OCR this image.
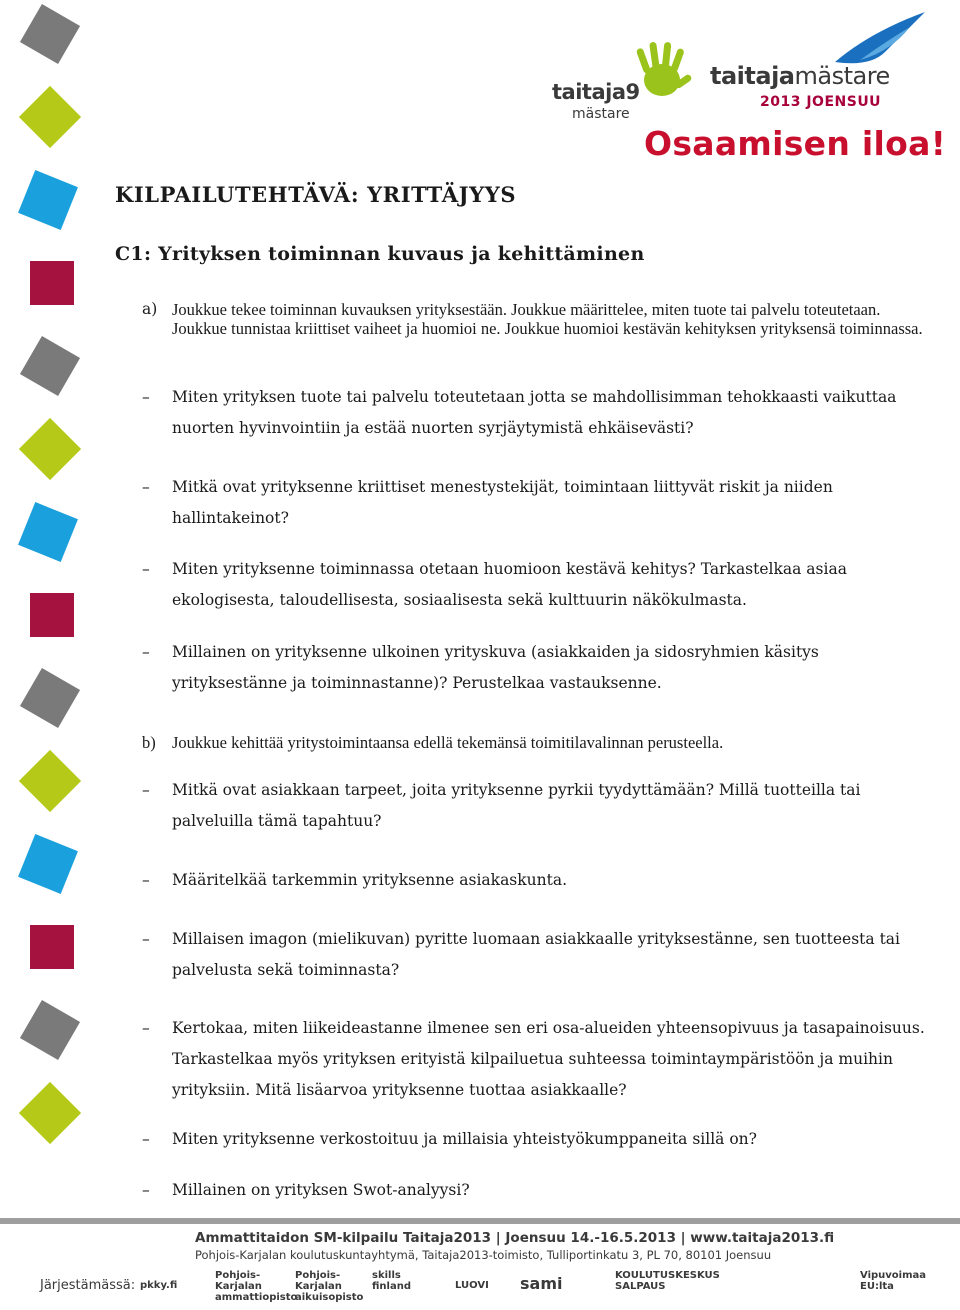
taitaja9
mästare
taitajamästare
2013 JOENSUU
Osaamisen iloa!
KILPAILUTEHTÄVÄ: YRITTÄJYYS
C1: Yrityksen toiminnan kuvaus ja kehittäminen
a) Joukkue tekee toiminnan kuvauksen yrityksestään. Joukkue määrittelee, miten tuote tai palvelu toteutetaan. Joukkue tunnistaa kriittiset vaiheet ja huomioi ne. Joukkue huomioi kestävän kehityksen yrityksensä toiminnassa.
– Miten yrityksen tuote tai palvelu toteutetaan jotta se mahdollisimman tehokkaasti vaikuttaa nuorten hyvinvointiin ja estää nuorten syrjäytymistä ehkäisevästi?
– Mitkä ovat yrityksenne kriittiset menestystekijät, toimintaan liittyvät riskit ja niiden hallintakeinot?
– Miten yrityksenne toiminnassa otetaan huomioon kestävä kehitys? Tarkastelkaa asiaa ekologisesta, taloudellisesta, sosiaalisesta sekä kulttuurin näkökulmasta.
– Millainen on yrityksenne ulkoinen yrityskuva (asiakkaiden ja sidosryhmien käsitys yrityksestänne ja toiminnastanne)? Perustelkaa vastauksenne.
b) Joukkue kehittää yritystoimintaansa edellä tekemänsä toimitilavalinnan perusteella.
– Mitkä ovat asiakkaan tarpeet, joita yrityksenne pyrkii tyydyttämään? Millä tuotteilla tai palveluilla tämä tapahtuu?
– Määritelkää tarkemmin yrityksenne asiakaskunta.
– Millaisen imagon (mielikuvan) pyritte luomaan asiakkaalle yrityksestänne, sen tuotteesta tai palvelusta sekä toiminnasta?
– Kertokaa, miten liikeideastanne ilmenee sen eri osa-alueiden yhteensopivuus ja tasapainoisuus. Tarkastelkaa myös yrityksen erityistä kilpailuetua suhteessa toimintaympäristöön ja muihin yrityksiin. Mitä lisäarvoa yrityksenne tuottaa asiakkaalle?
– Miten yrityksenne verkostoituu ja millaisia yhteistyökumppaneita sillä on?
– Millainen on yrityksen Swot-analyysi?
Ammattitaidon SM-kilpailu Taitaja2013 | Joensuu 14.-16.5.2013 | www.taitaja2013.fi
Pohjois-Karjalan koulutuskuntayhtymä, Taitaja2013-toimisto, Tulliportinkatu 3, PL 70, 80101 Joensuu
Järjestämässä: pkky.fi
Pohjois-Karjalan ammattiopisto
Pohjois-Karjalan aikuisopisto
skills finland	LUOVI sami	KOULUTUSKESKUS SALPAUS
Vipuvoimaa EU:lta
